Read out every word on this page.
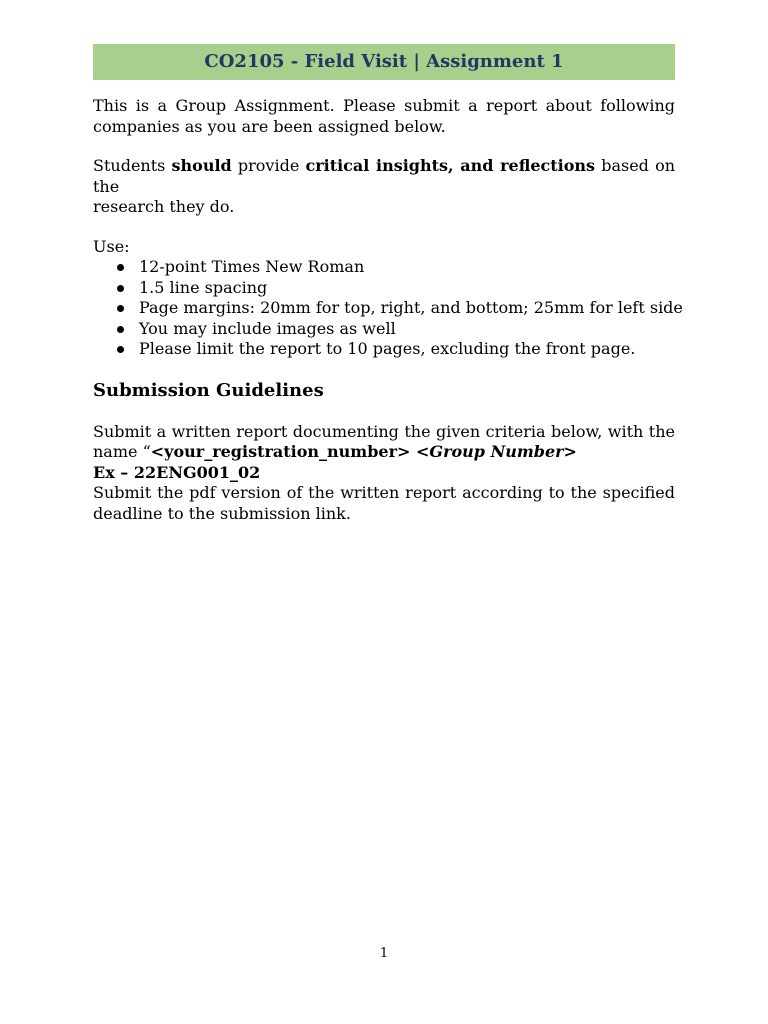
CO2105 - Field Visit | Assignment 1

This is a Group Assignment. Please submit a report about following
companies as you are been assigned below.

Students should provide critical insights, and reflections based on the
research they do.

Use:
12-point Times New Roman
1.5 line spacing
Page margins: 20mm for top, right, and bottom; 25mm for left side
You may include images as well
Please limit the report to 10 pages, excluding the front page.
Submission Guidelines

Submit a written report documenting the given criteria below, with the
name “<your_registration_number> <Group Number>
Ex – 22ENG001_02
Submit the pdf version of the written report according to the specified
deadline to the submission link.

1
